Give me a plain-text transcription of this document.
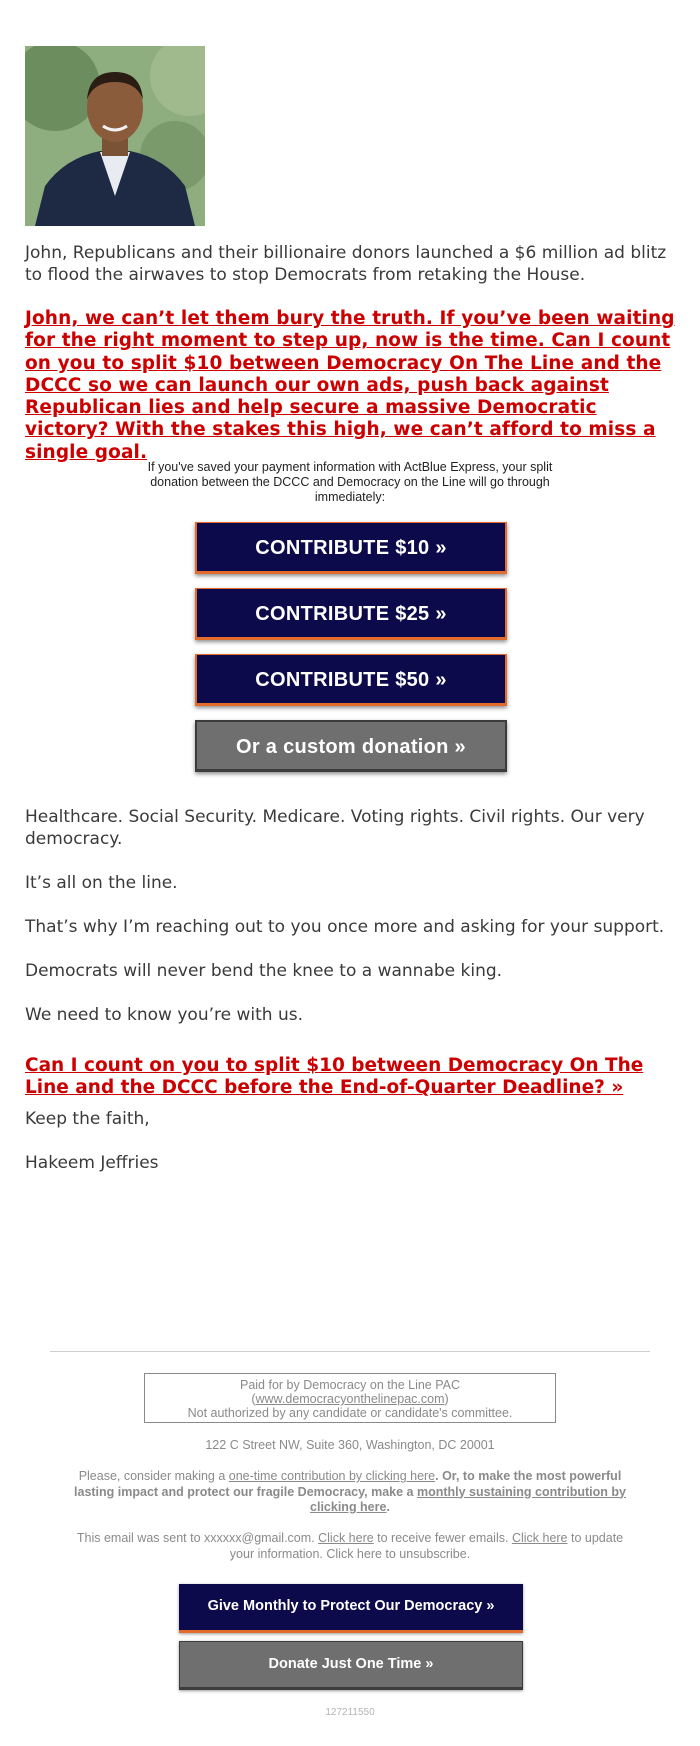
John, Republicans and their billionaire donors launched a $6 million ad blitz to flood the airwaves to stop Democrats from retaking the House.

John, we can’t let them bury the truth. If you’ve been waiting for the right moment to step up, now is the time. Can I count on you to split $10 between Democracy On The Line and the DCCC so we can launch our own ads, push back against Republican lies and help secure a massive Democratic victory? With the stakes this high, we can’t afford to miss a single goal.

If you've saved your payment information with ActBlue Express, your split donation between the DCCC and Democracy on the Line will go through immediately:

CONTRIBUTE $10 »
CONTRIBUTE $25 »
CONTRIBUTE $50 »
Or a custom donation »

Healthcare. Social Security. Medicare. Voting rights. Civil rights. Our very democracy.

It’s all on the line.

That’s why I’m reaching out to you once more and asking for your support.

Democrats will never bend the knee to a wannabe king.

We need to know you’re with us.

Can I count on you to split $10 between Democracy On The Line and the DCCC before the End-of-Quarter Deadline? »

Keep the faith,

Hakeem Jeffries

Paid for by Democracy on the Line PAC
(www.democracyonthelinepac.com)
Not authorized by any candidate or candidate's committee.

122 C Street NW, Suite 360, Washington, DC 20001

Please, consider making a one-time contribution by clicking here. Or, to make the most powerful lasting impact and protect our fragile Democracy, make a monthly sustaining contribution by clicking here.

This email was sent to xxxxxx@gmail.com. Click here to receive fewer emails. Click here to update your information. Click here to unsubscribe.

Give Monthly to Protect Our Democracy »
Donate Just One Time »
127211550
